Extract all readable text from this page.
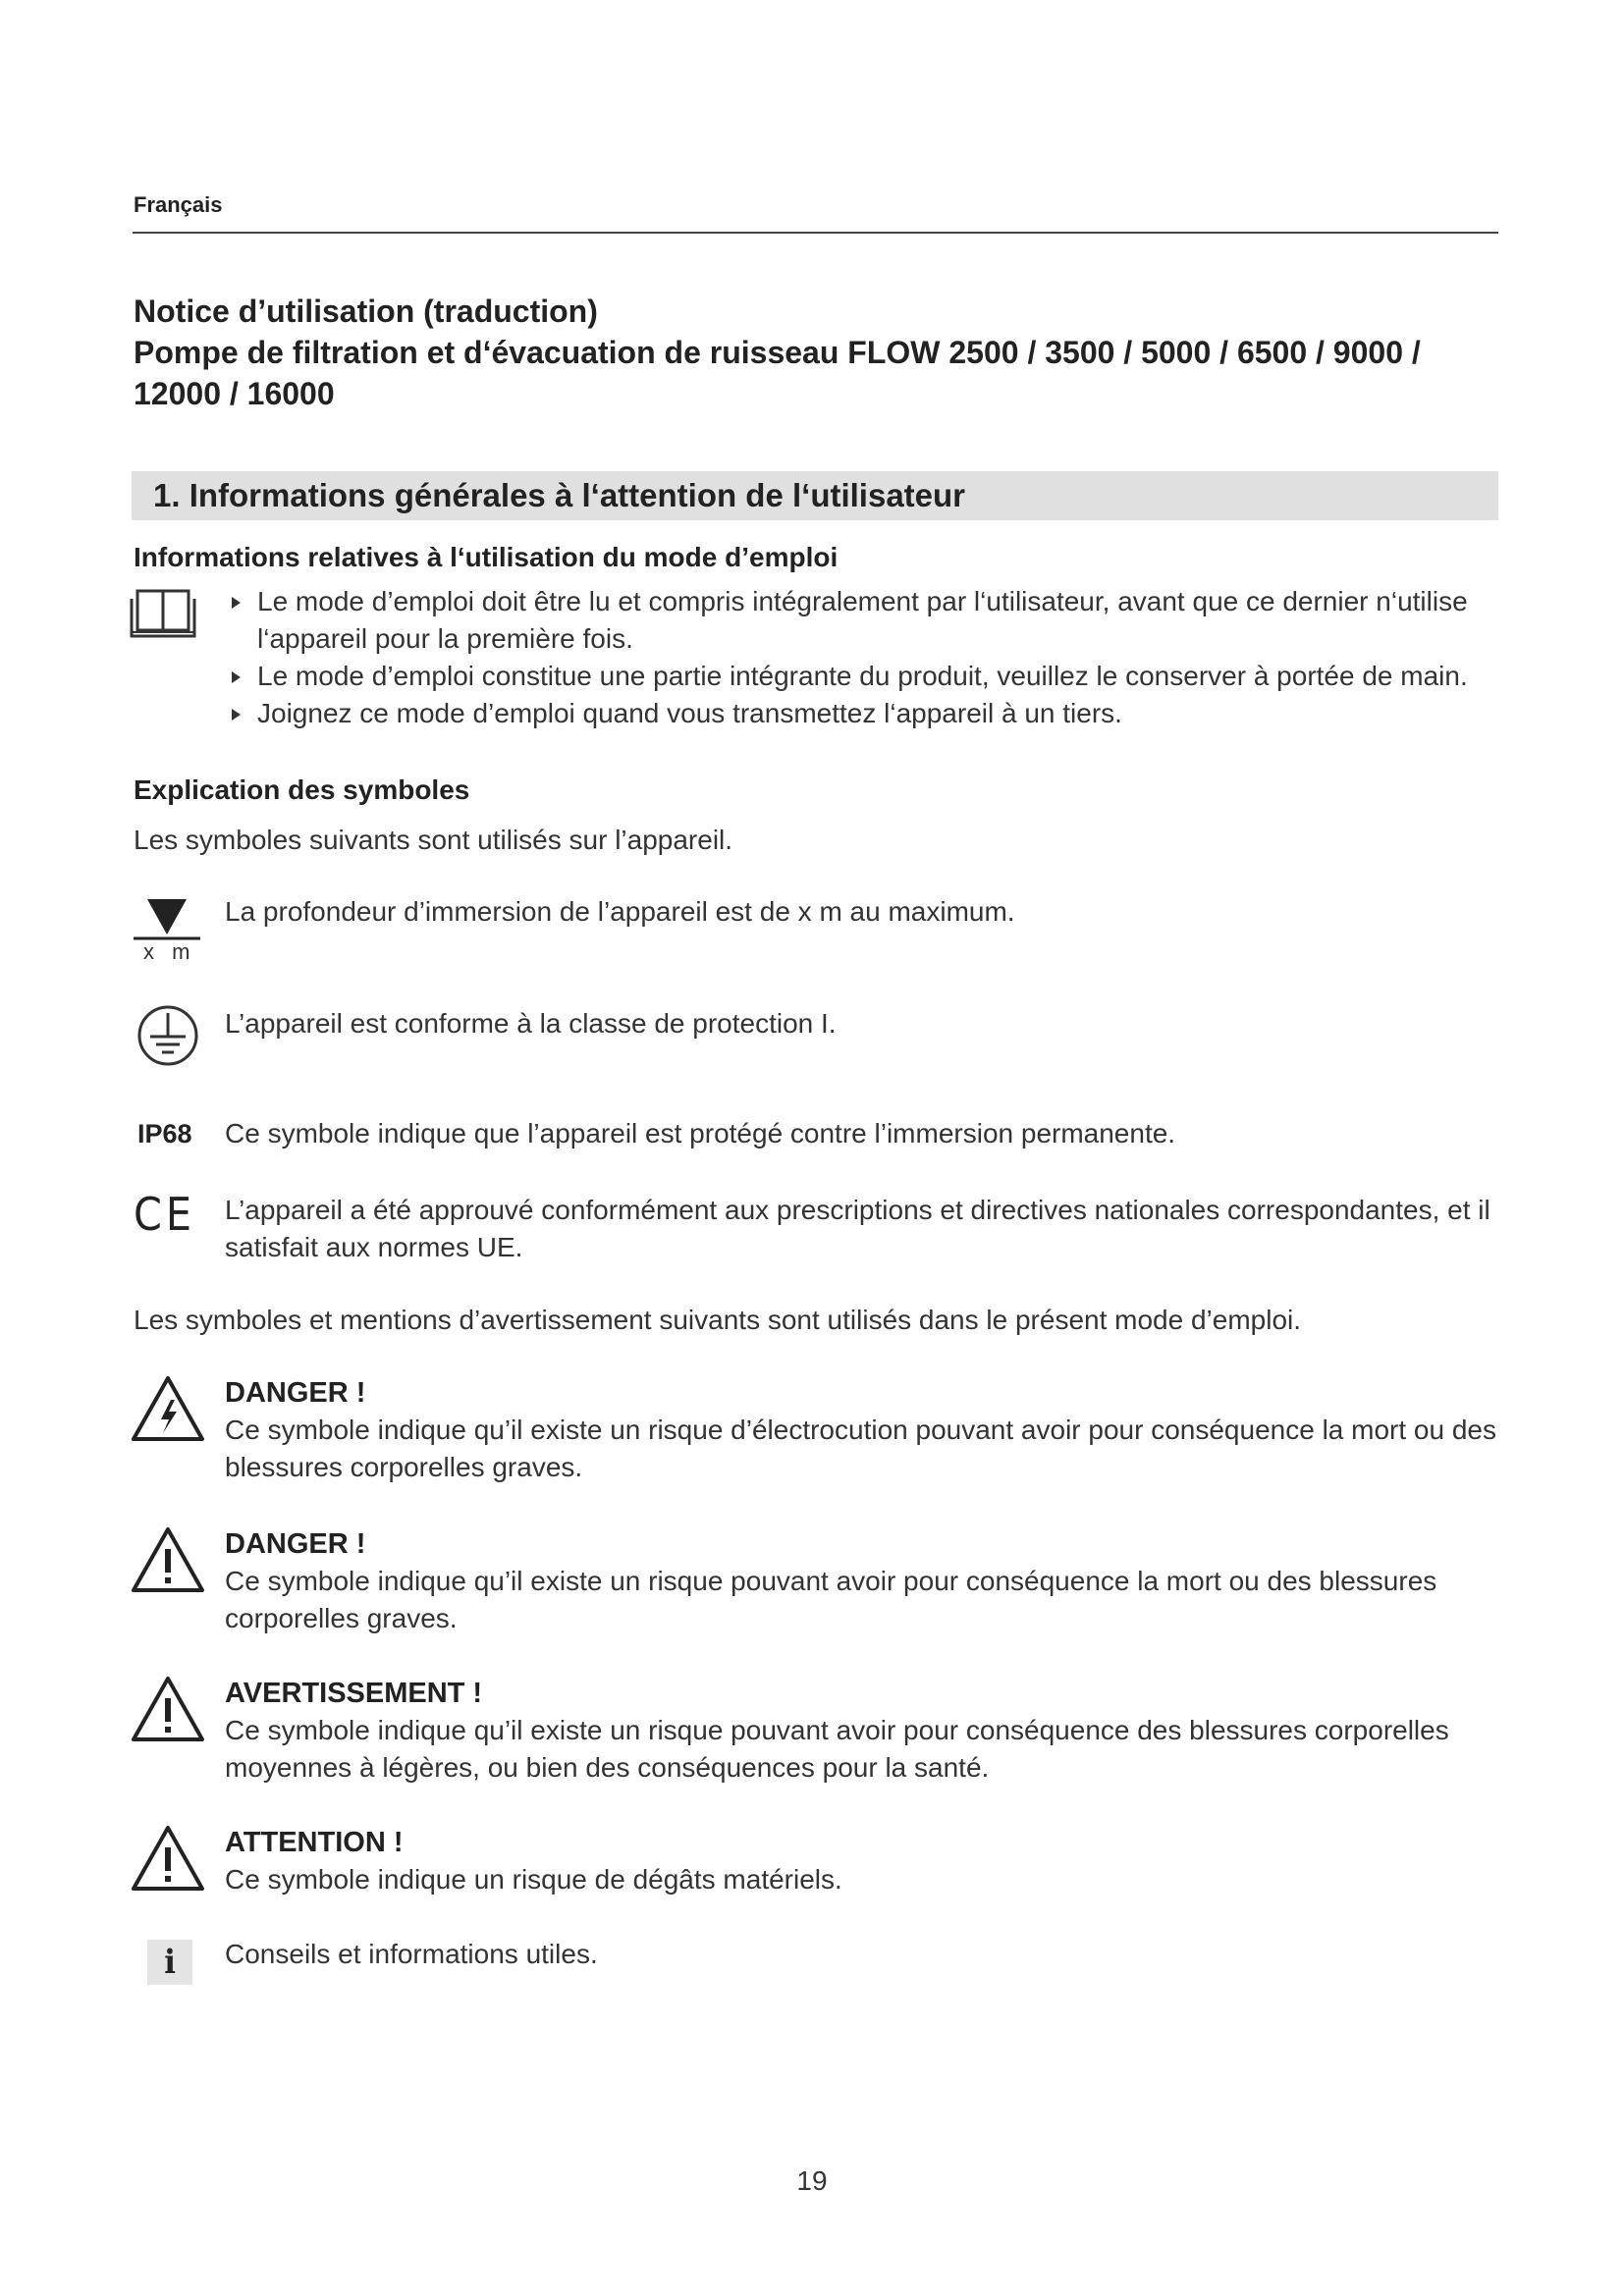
Français
Notice d’utilisation (traduction)
Pompe de filtration et d‘évacuation de ruisseau FLOW 2500 / 3500 / 5000 / 6500 / 9000 /
12000 / 16000
1. Informations générales à l‘attention de l‘utilisateur
Informations relatives à l‘utilisation du mode d’emploi
Le mode d’emploi doit être lu et compris intégralement par l‘utilisateur, avant que ce dernier n‘utilise l‘appareil pour la première fois.
Le mode d’emploi constitue une partie intégrante du produit, veuillez le conserver à portée de main.
Joignez ce mode d’emploi quand vous transmettez l‘appareil à un tiers.
Explication des symboles
Les symboles suivants sont utilisés sur l’appareil.
x m
La profondeur d’immersion de l’appareil est de x m au maximum.
L’appareil est conforme à la classe de protection I.
IP68 Ce symbole indique que l’appareil est protégé contre l’immersion permanente.
CE L’appareil a été approuvé conformément aux prescriptions et directives nationales correspondantes, et il satisfait aux normes UE.
Les symboles et mentions d’avertissement suivants sont utilisés dans le présent mode d’emploi.
DANGER !
Ce symbole indique qu’il existe un risque d’électrocution pouvant avoir pour conséquence la mort ou des blessures corporelles graves.
DANGER !
Ce symbole indique qu’il existe un risque pouvant avoir pour conséquence la mort ou des blessures corporelles graves.
AVERTISSEMENT !
Ce symbole indique qu’il existe un risque pouvant avoir pour conséquence des blessures corporelles moyennes à légères, ou bien des conséquences pour la santé.
ATTENTION !
Ce symbole indique un risque de dégâts matériels.
i	Conseils et informations utiles.
19
